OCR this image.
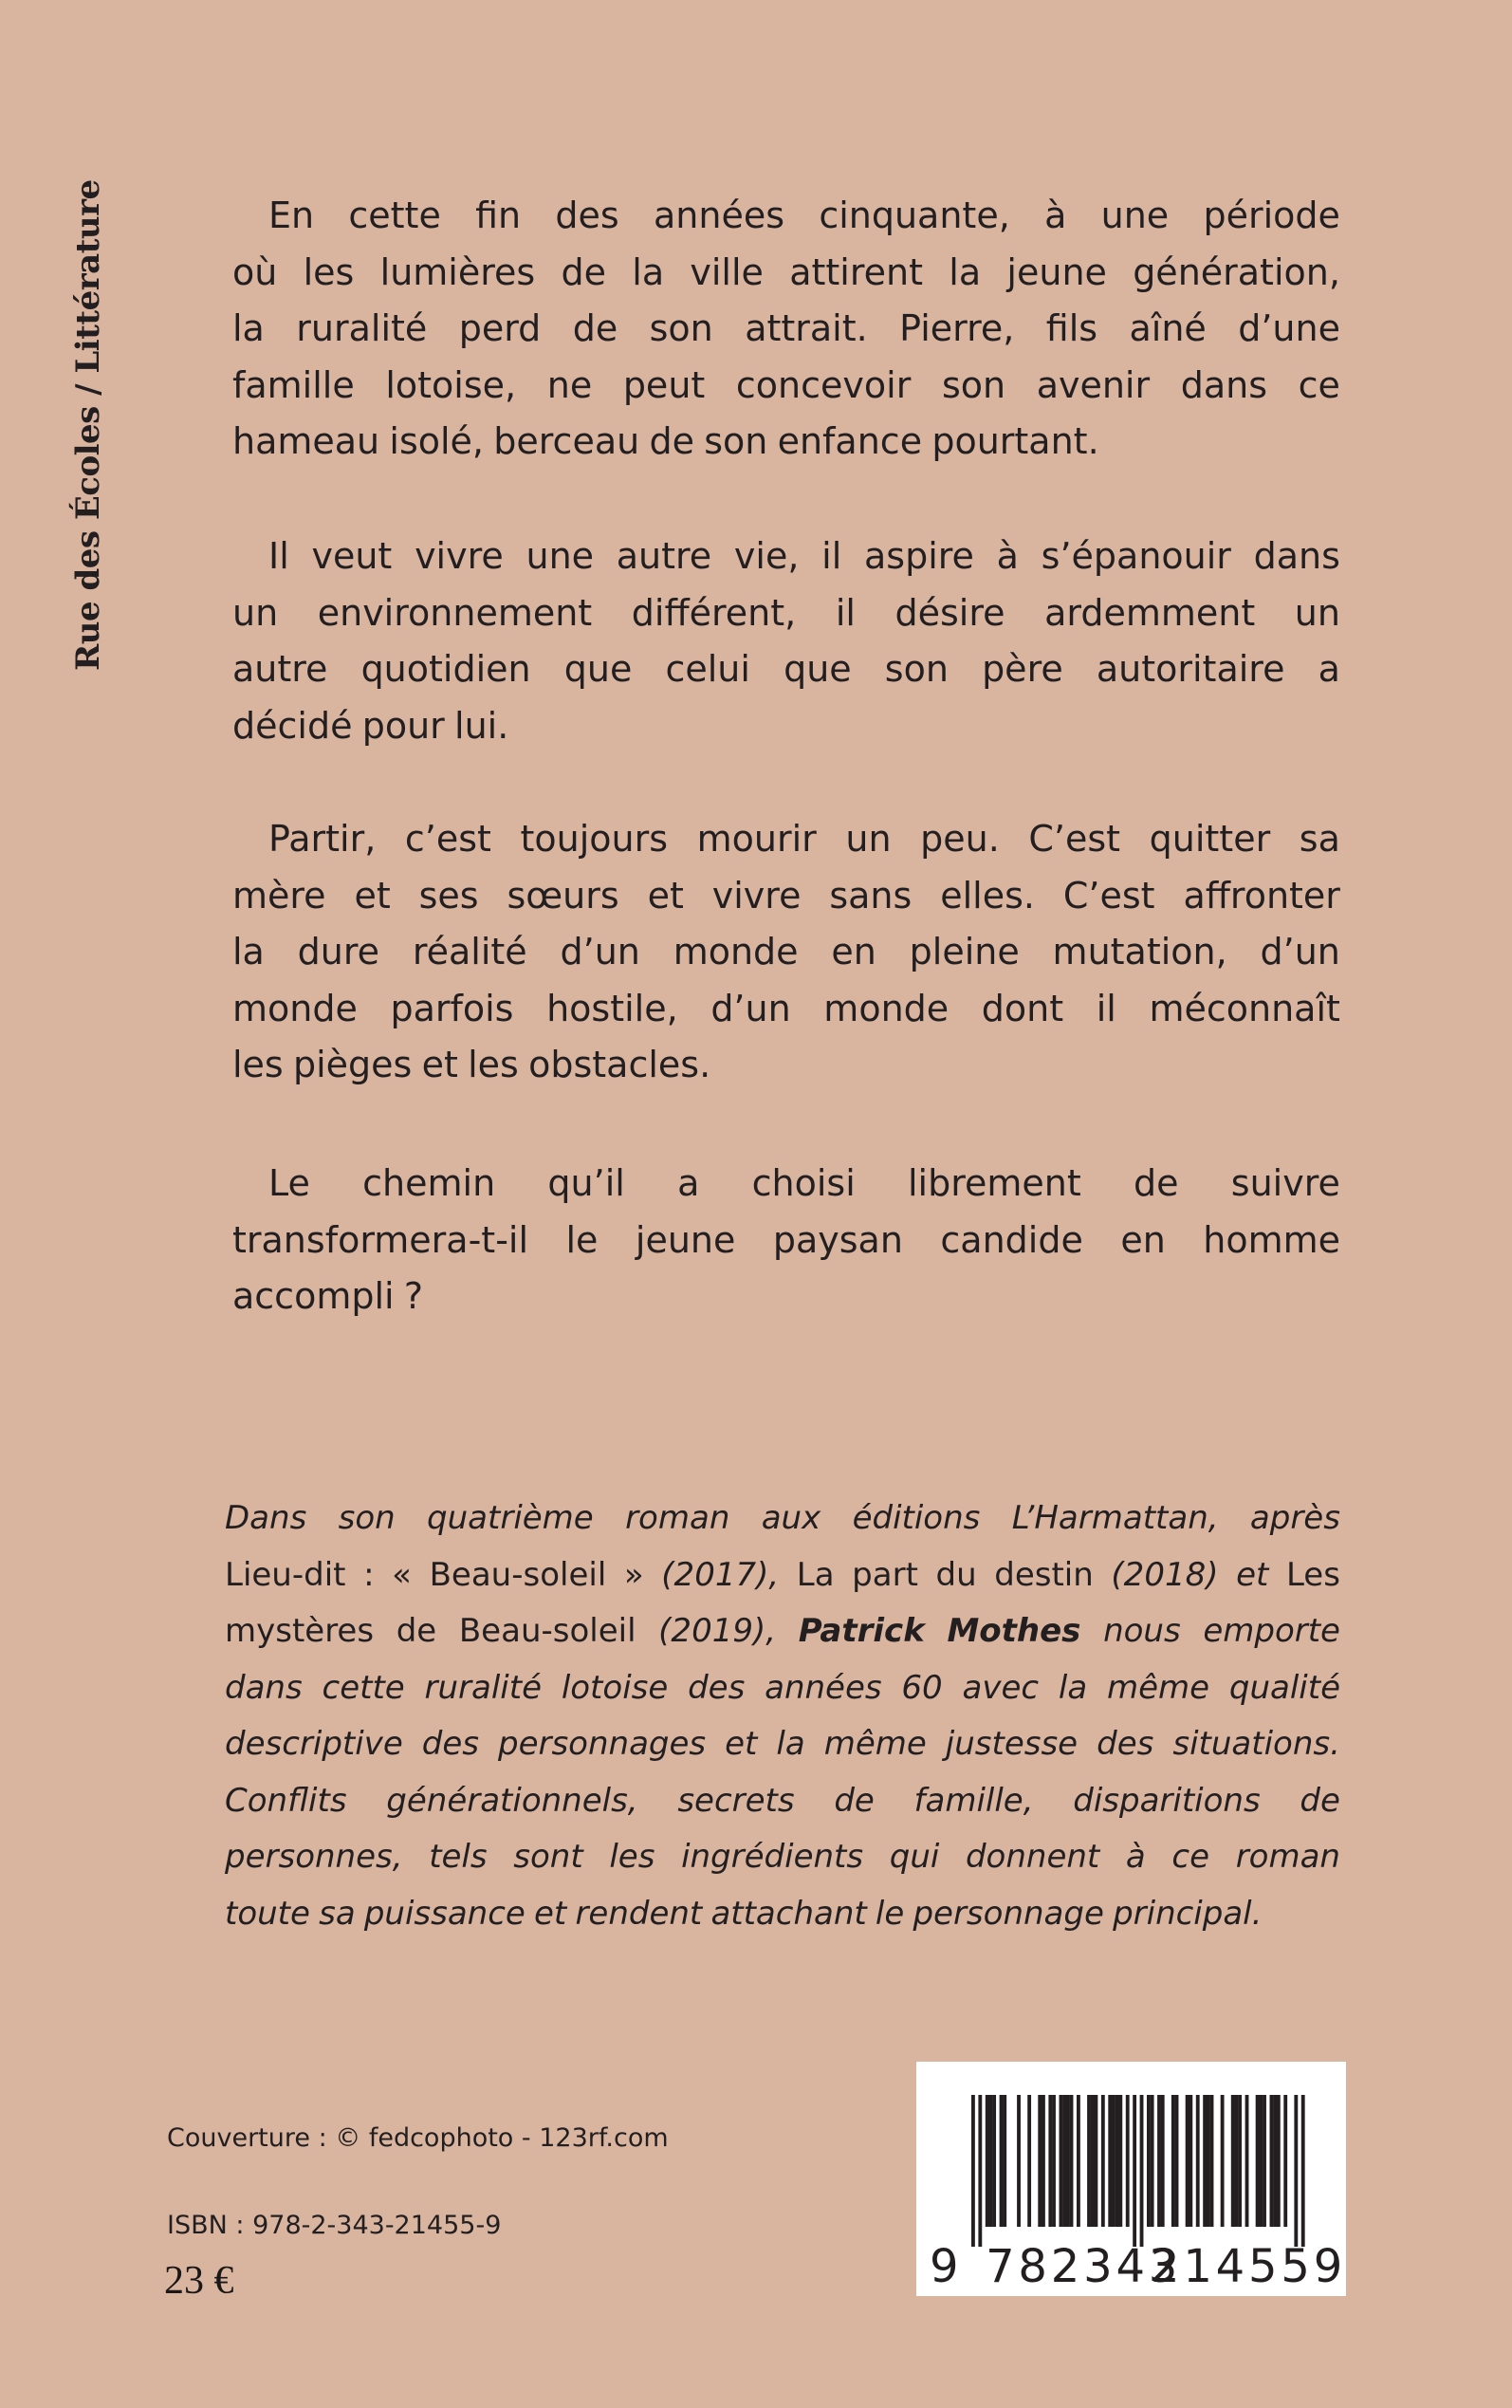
Rue des Écoles / Littérature	En cette fin des années cinquante, à une période
où les lumières de la ville attirent la jeune génération,
la ruralité perd de son attrait. Pierre, fils aîné d’une
famille lotoise, ne peut concevoir son avenir dans ce
hameau isolé, berceau de son enfance pourtant.
Il veut vivre une autre vie, il aspire à s’épanouir dans
un environnement différent, il désire ardemment un
autre quotidien que celui que son père autoritaire a
décidé pour lui.
Partir, c’est toujours mourir un peu. C’est quitter sa
mère et ses sœurs et vivre sans elles. C’est affronter
la dure réalité d’un monde en pleine mutation, d’un
monde parfois hostile, d’un monde dont il méconnaît
les pièges et les obstacles.
Le chemin qu’il a choisi librement de suivre
transformera-t-il le jeune paysan candide en homme
accompli ?
Dans son quatrième roman aux éditions L’Harmattan, après
Lieu-dit : « Beau-soleil » (2017), La part du destin (2018) et Les
mystères de Beau-soleil (2019), Patrick Mothes nous emporte
dans cette ruralité lotoise des années 60 avec la même qualité
descriptive des personnages et la même justesse des situations.
Conflits générationnels, secrets de famille, disparitions de
personnes, tels sont les ingrédients qui donnent à ce roman
toute sa puissance et rendent attachant le personnage principal.
Couverture : © fedcophoto - 123rf.com
ISBN : 978-2-343-21455-9
23 €	9 782343
214559
